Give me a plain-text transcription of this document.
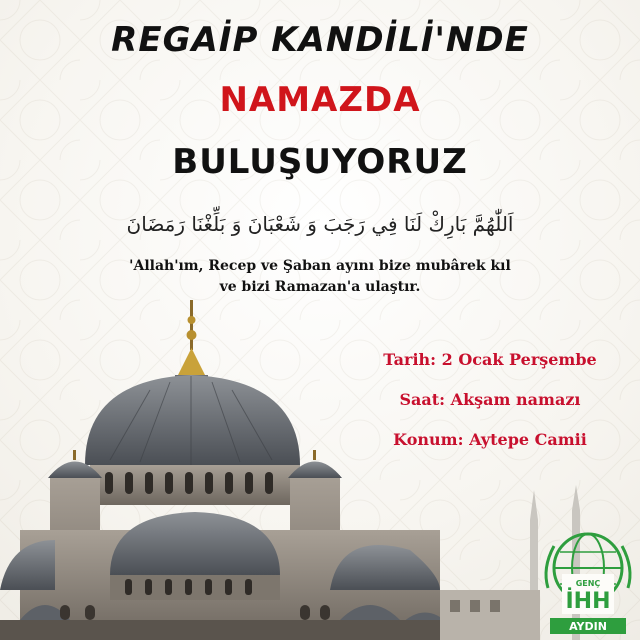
REGAİP KANDİLİ'NDE
NAMAZDA
BULUŞUYORUZ
اَللّٰهُمَّ بَارِكْ لَنَا فِي رَجَبَ وَ شَعْبَانَ وَ بَلِّغْنَا رَمَضَانَ
'Allah'ım, Recep ve Şaban ayını bize mubârek kıl
ve bizi Ramazan'a ulaştır.

Tarih: 2 Ocak Perşembe

Saat: Akşam namazı

Konum: Aytepe Camii

GENÇ
İHH
AYDIN
